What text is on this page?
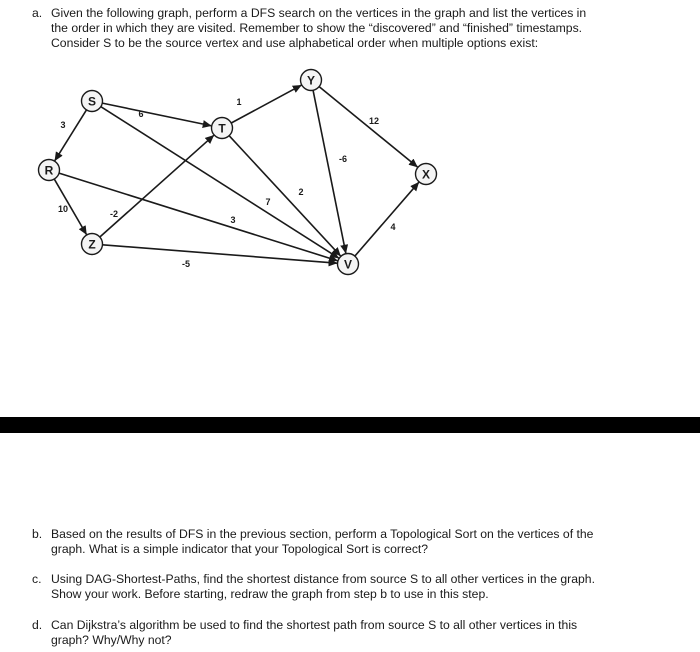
a. Given the following graph, perform a DFS search on the vertices in the graph and list the vertices in
the order in which they are visited. Remember to show the “discovered” and “finished” timestamps.
Consider S to be the source vertex and use alphabetical order when multiple options exist:
3
6
3
1
2
12
-6
4
10
7
-2
-5
S
T
Y
R	X
Z
V
b. Based on the results of DFS in the previous section, perform a Topological Sort on the vertices of the
graph. What is a simple indicator that your Topological Sort is correct?
c. Using DAG-Shortest-Paths, find the shortest distance from source S to all other vertices in the graph.
Show your work. Before starting, redraw the graph from step b to use in this step.
d. Can Dijkstra’s algorithm be used to find the shortest path from source S to all other vertices in this
graph? Why/Why not?
